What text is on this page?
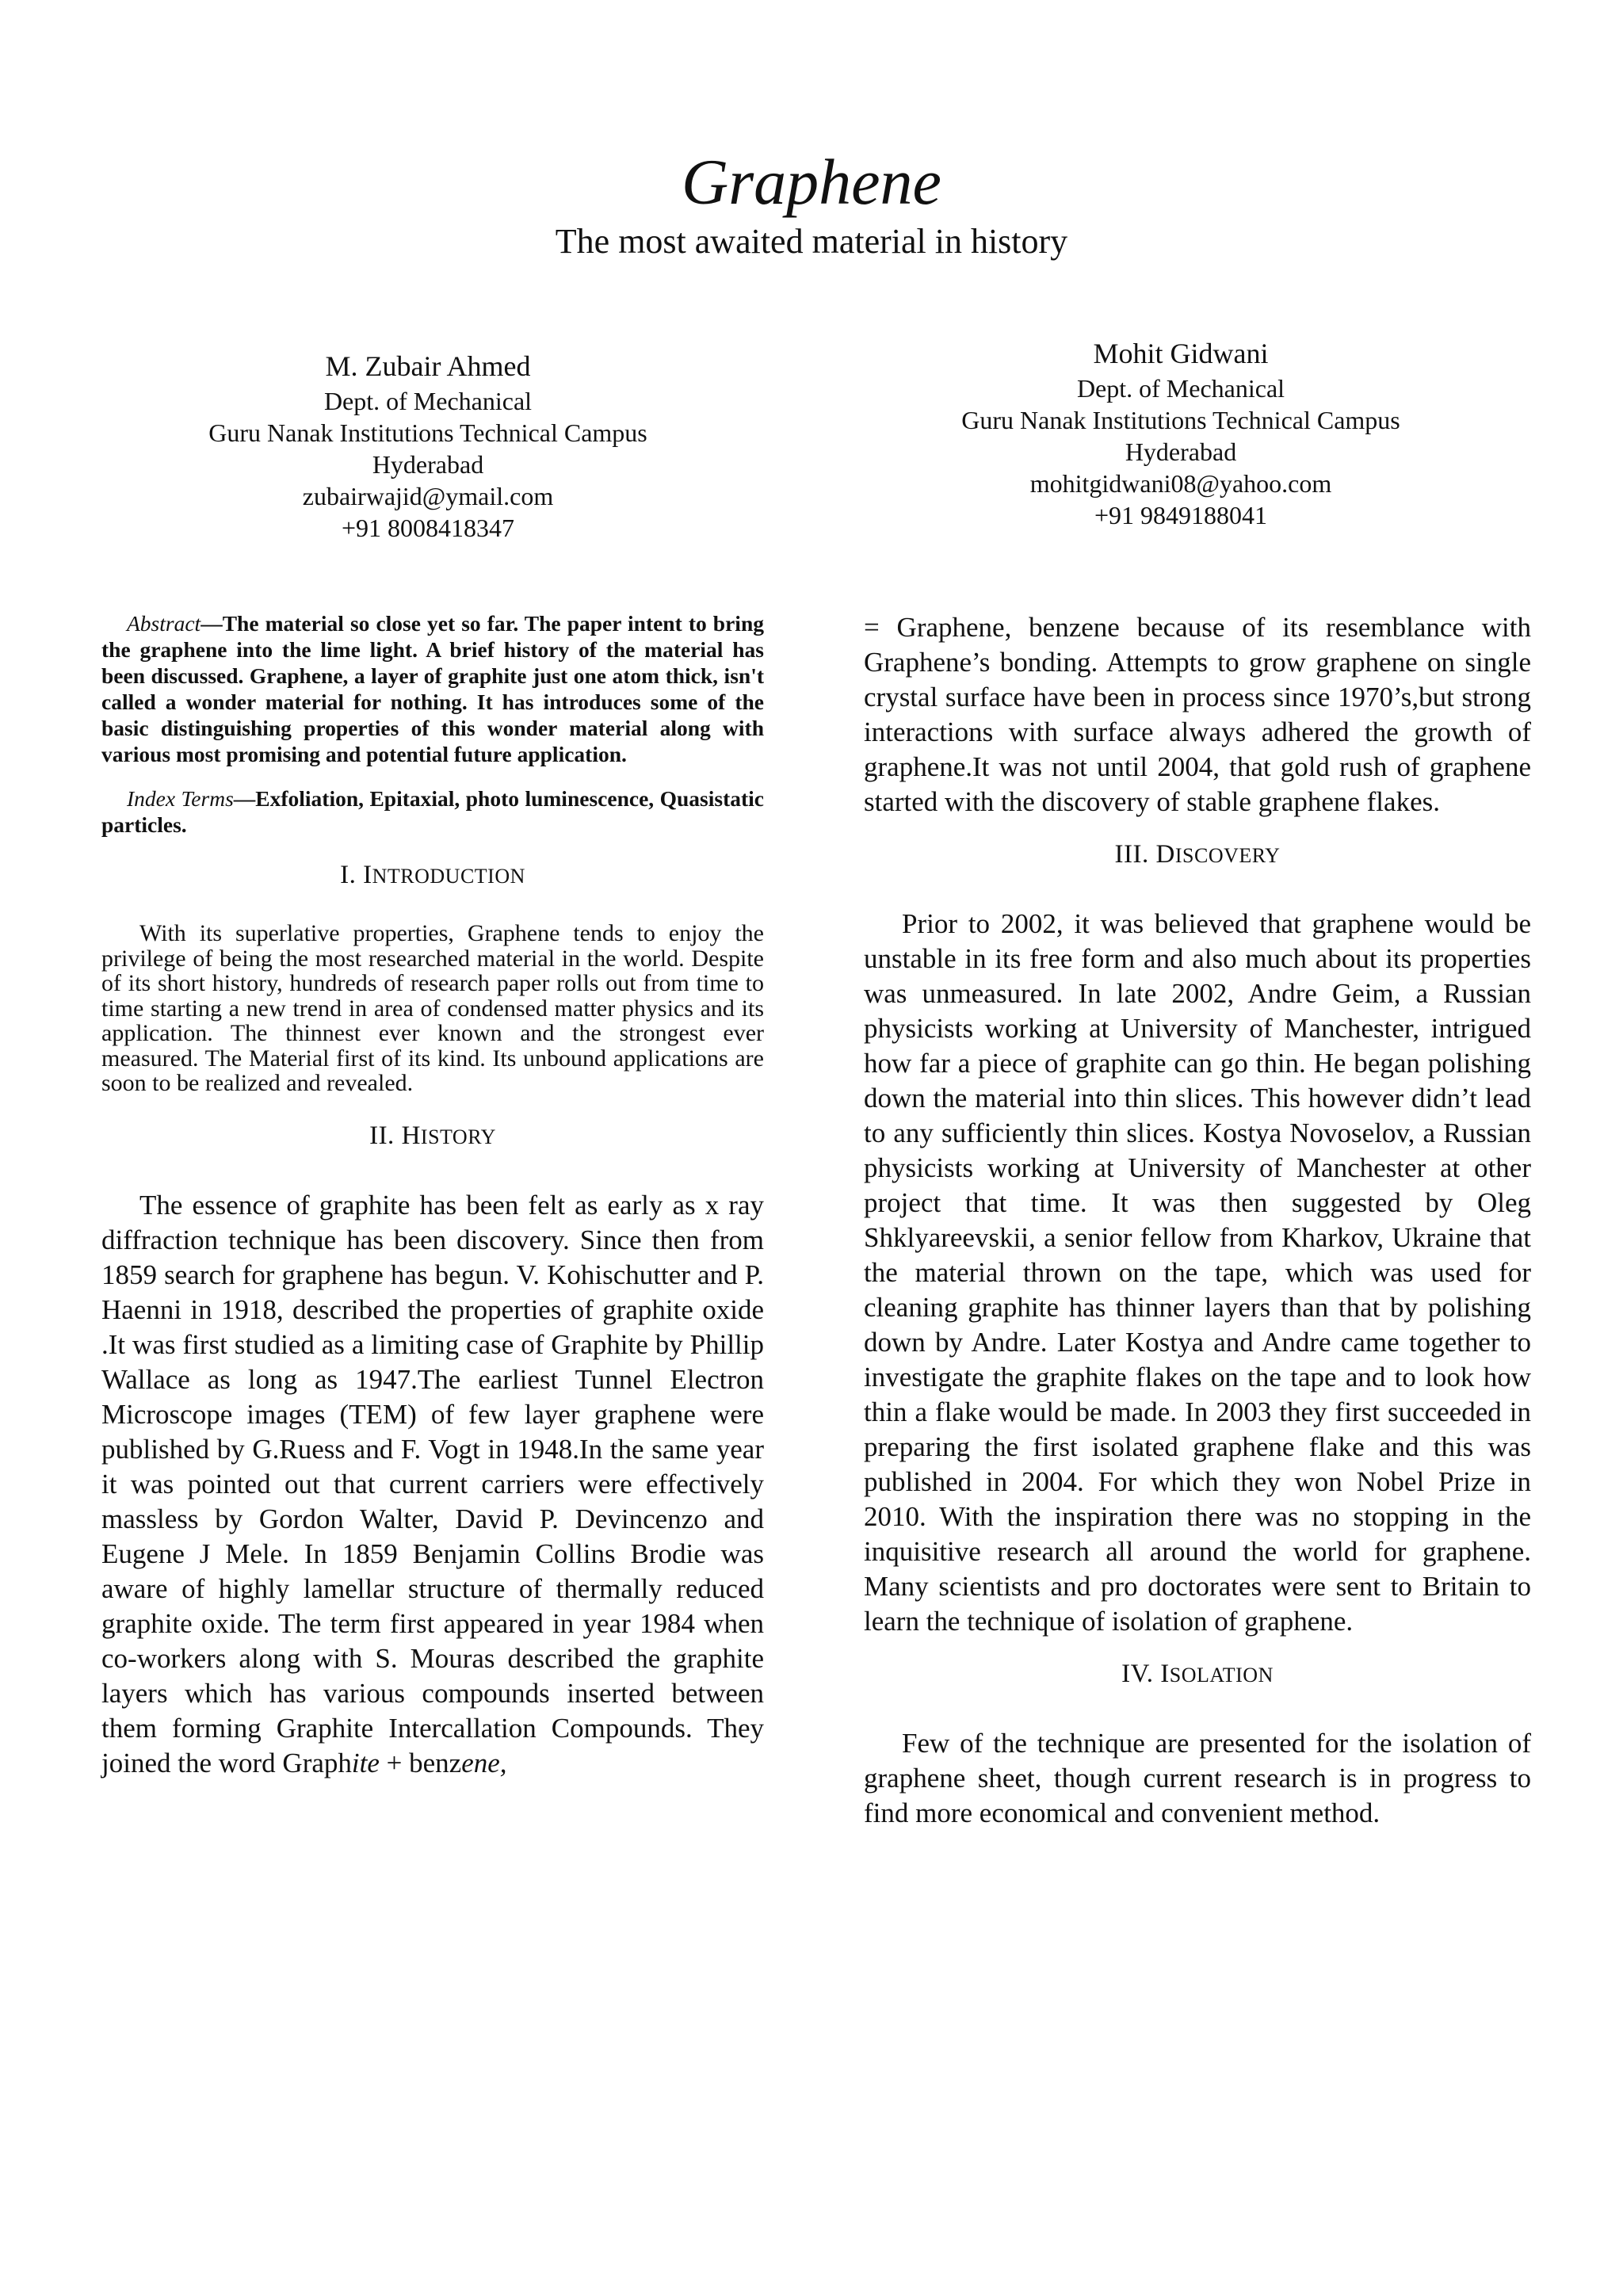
Graphene
The most awaited material in history
M. Zubair Ahmed
Dept. of Mechanical
Guru Nanak Institutions Technical Campus
Hyderabad
zubairwajid@ymail.com
+91 8008418347
Mohit Gidwani
Dept. of Mechanical
Guru Nanak Institutions Technical Campus
Hyderabad
mohitgidwani08@yahoo.com
+91 9849188041

Abstract—The material so close yet so far. The paper intent to bring the graphene into the lime light. A brief history of the material has been discussed. Graphene, a layer of graphite just one atom thick, isn't called a wonder material for nothing. It has introduces some of the basic distinguishing properties of this wonder material along with various most promising and potential future application.

Index Terms—Exfoliation, Epitaxial, photo luminescence, Quasistatic particles.

I. INTRODUCTION

With its superlative properties, Graphene tends to enjoy the privilege of being the most researched material in the world. Despite of its short history, hundreds of research paper rolls out from time to time starting a new trend in area of condensed matter physics and its application. The thinnest ever known and the strongest ever measured. The Material first of its kind. Its unbound applications are soon to be realized and revealed.

II. HISTORY

The essence of graphite has been felt as early as x ray diffraction technique has been discovery. Since then from 1859 search for graphene has begun. V. Kohischutter and P. Haenni in 1918, described the properties of graphite oxide .It was first studied as a limiting case of Graphite by Phillip Wallace as long as 1947.The earliest Tunnel Electron Microscope images (TEM) of few layer graphene were published by G.Ruess and F. Vogt in 1948.In the same year it was pointed out that current carriers were effectively massless by Gordon Walter, David P. Devincenzo and Eugene J Mele. In 1859 Benjamin Collins Brodie was aware of highly lamellar structure of thermally reduced graphite oxide. The term first appeared in year 1984 when co-workers along with S. Mouras described the graphite layers which has various compounds inserted between them forming Graphite Intercallation Compounds. They joined the word Graphite + benzene,

= Graphene, benzene because of its resemblance with Graphene’s bonding. Attempts to grow graphene on single crystal surface have been in process since 1970’s,but strong interactions with surface always adhered the growth of graphene.It was not until 2004, that gold rush of graphene started with the discovery of stable graphene flakes.

III. DISCOVERY

Prior to 2002, it was believed that graphene would be unstable in its free form and also much about its properties was unmeasured. In late 2002, Andre Geim, a Russian physicists working at University of Manchester, intrigued how far a piece of graphite can go thin. He began polishing down the material into thin slices. This however didn’t lead to any sufficiently thin slices. Kostya Novoselov, a Russian physicists working at University of Manchester at other project that time. It was then suggested by Oleg Shklyareevskii, a senior fellow from Kharkov, Ukraine that the material thrown on the tape, which was used for cleaning graphite has thinner layers than that by polishing down by Andre. Later Kostya and Andre came together to investigate the graphite flakes on the tape and to look how thin a flake would be made. In 2003 they first succeeded in preparing the first isolated graphene flake and this was published in 2004. For which they won Nobel Prize in 2010. With the inspiration there was no stopping in the inquisitive research all around the world for graphene. Many scientists and pro doctorates were sent to Britain to learn the technique of isolation of graphene.

IV. ISOLATION

Few of the technique are presented for the isolation of graphene sheet, though current research is in progress to find more economical and convenient method.
